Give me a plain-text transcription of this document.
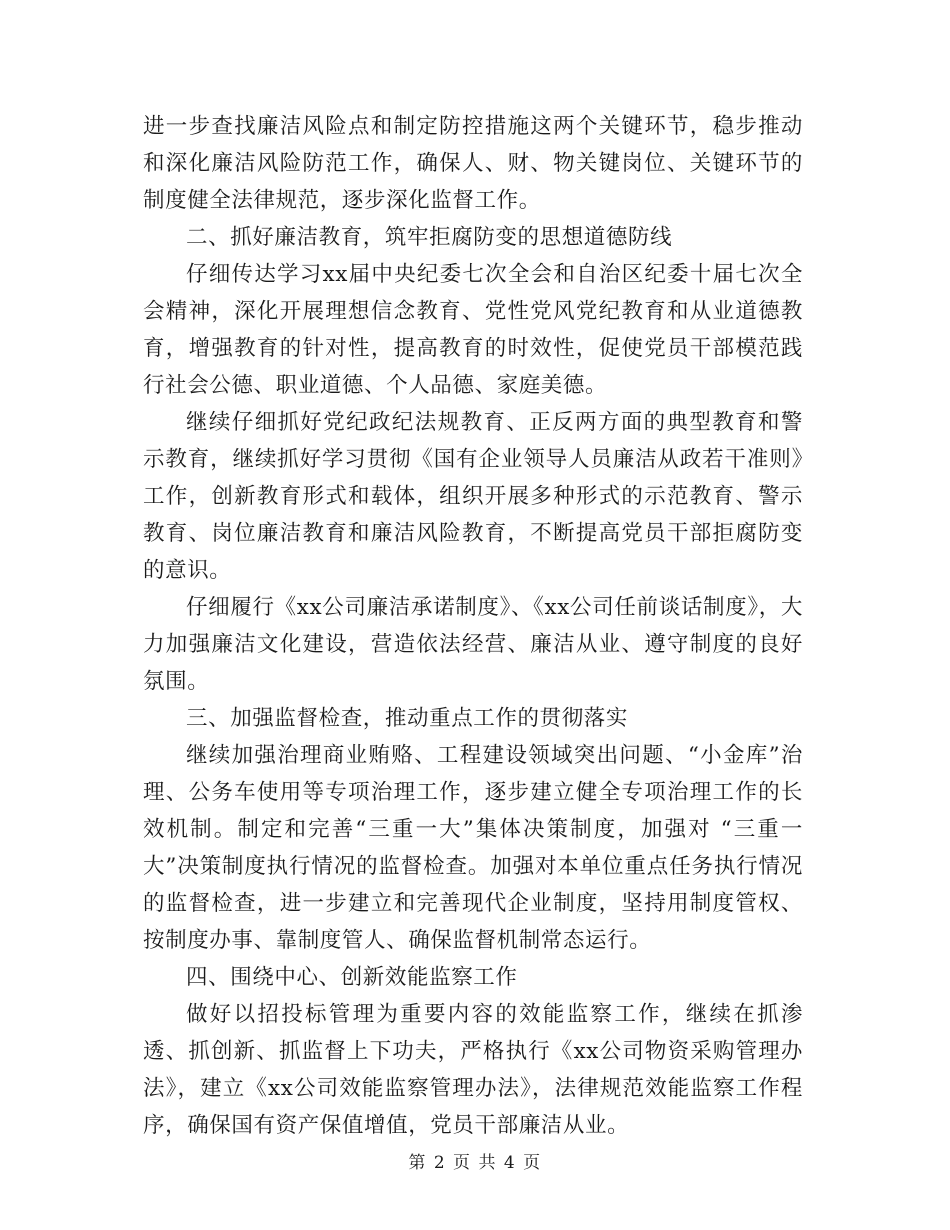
进一步查找廉洁风险点和制定防控措施这两个关键环节，稳步推动和深化廉洁风险防范工作，确保人、财、物关键岗位、关键环节的制度健全法律规范，逐步深化监督工作。

二、抓好廉洁教育，筑牢拒腐防变的思想道德防线

仔细传达学习xx届中央纪委七次全会和自治区纪委十届七次全会精神，深化开展理想信念教育、党性党风党纪教育和从业道德教育，增强教育的针对性，提高教育的时效性，促使党员干部模范践行社会公德、职业道德、个人品德、家庭美德。

继续仔细抓好党纪政纪法规教育、正反两方面的典型教育和警示教育，继续抓好学习贯彻《国有企业领导人员廉洁从政若干准则》工作，创新教育形式和载体，组织开展多种形式的示范教育、警示教育、岗位廉洁教育和廉洁风险教育，不断提高党员干部拒腐防变的意识。

仔细履行《xx公司廉洁承诺制度》、《xx公司任前谈话制度》，大力加强廉洁文化建设，营造依法经营、廉洁从业、遵守制度的良好氛围。

三、加强监督检查，推动重点工作的贯彻落实

继续加强治理商业贿赂、工程建设领域突出问题、“小金库”治理、公务车使用等专项治理工作，逐步建立健全专项治理工作的长效机制。制定和完善“三重一大”集体决策制度，加强对 “三重一大”决策制度执行情况的监督检查。加强对本单位重点任务执行情况的监督检查，进一步建立和完善现代企业制度，坚持用制度管权、按制度办事、靠制度管人、确保监督机制常态运行。

四、围绕中心、创新效能监察工作

做好以招投标管理为重要内容的效能监察工作，继续在抓渗透、抓创新、抓监督上下功夫，严格执行《xx公司物资采购管理办法》，建立《xx公司效能监察管理办法》，法律规范效能监察工作程序，确保国有资产保值增值，党员干部廉洁从业。

第 2 页 共 4 页
